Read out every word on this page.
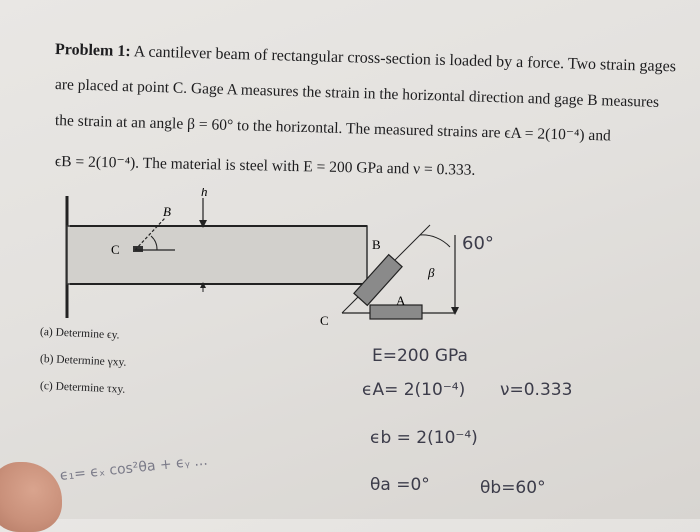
Problem 1: A cantilever beam of rectangular cross-section is loaded by a force. Two strain gages
are placed at point C. Gage A measures the strain in the horizontal direction and gage B measures
the strain at an angle β = 60° to the horizontal. The measured strains are ϵA = 2(10⁻⁴) and
ϵB = 2(10⁻⁴). The material is steel with E = 200 GPa and ν = 0.333.
B
h
C	B
A
C
β
60°
(a) Determine ϵy.
(b) Determine γxy.
(c) Determine τxy.
E=200 GPa
ϵA= 2(10⁻⁴) ν=0.333
ϵb = 2(10⁻⁴)
θa =0°	θb=60°
ϵ₁= ϵₓ cos²θa + ϵᵧ ...
